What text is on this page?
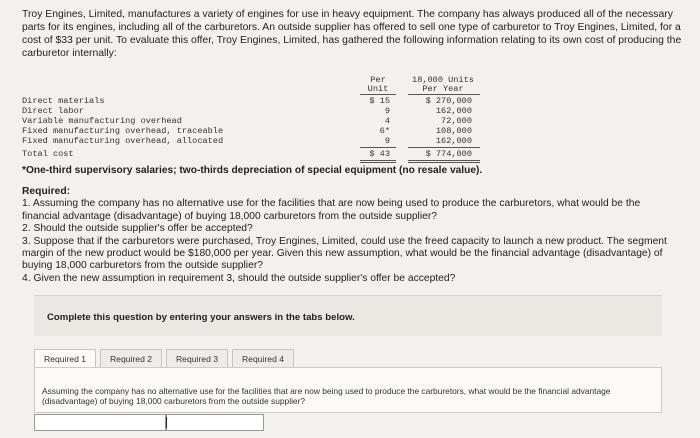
Troy Engines, Limited, manufactures a variety of engines for use in heavy equipment. The company has always produced all of the necessary parts for its engines, including all of the carburetors. An outside supplier has offered to sell one type of carburetor to Troy Engines, Limited, for a cost of $33 per unit. To evaluate this offer, Troy Engines, Limited, has gathered the following information relating to its own cost of producing the carburetor internally:
Per
Unit
18,000 Units
Per Year
Direct materials	$ 15	$ 270,000
Direct labor	9	162,000
Variable manufacturing overhead	4	72,000
Fixed manufacturing overhead, traceable	6*	108,000
Fixed manufacturing overhead, allocated	9	162,000
Total cost	$ 43	$ 774,000
*One-third supervisory salaries; two-thirds depreciation of special equipment (no resale value).
Required:
1. Assuming the company has no alternative use for the facilities that are now being used to produce the carburetors, what would be the financial advantage (disadvantage) of buying 18,000 carburetors from the outside supplier?
2. Should the outside supplier's offer be accepted?
3. Suppose that if the carburetors were purchased, Troy Engines, Limited, could use the freed capacity to launch a new product. The segment margin of the new product would be $180,000 per year. Given this new assumption, what would be the financial advantage (disadvantage) of buying 18,000 carburetors from the outside supplier?
4. Given the new assumption in requirement 3, should the outside supplier's offer be accepted?
Complete this question by entering your answers in the tabs below.
Required 1	Required 2	Required 3	Required 4
Assuming the company has no alternative use for the facilities that are now being used to produce the carburetors, what would be the financial advantage (disadvantage) of buying 18,000 carburetors from the outside supplier?
